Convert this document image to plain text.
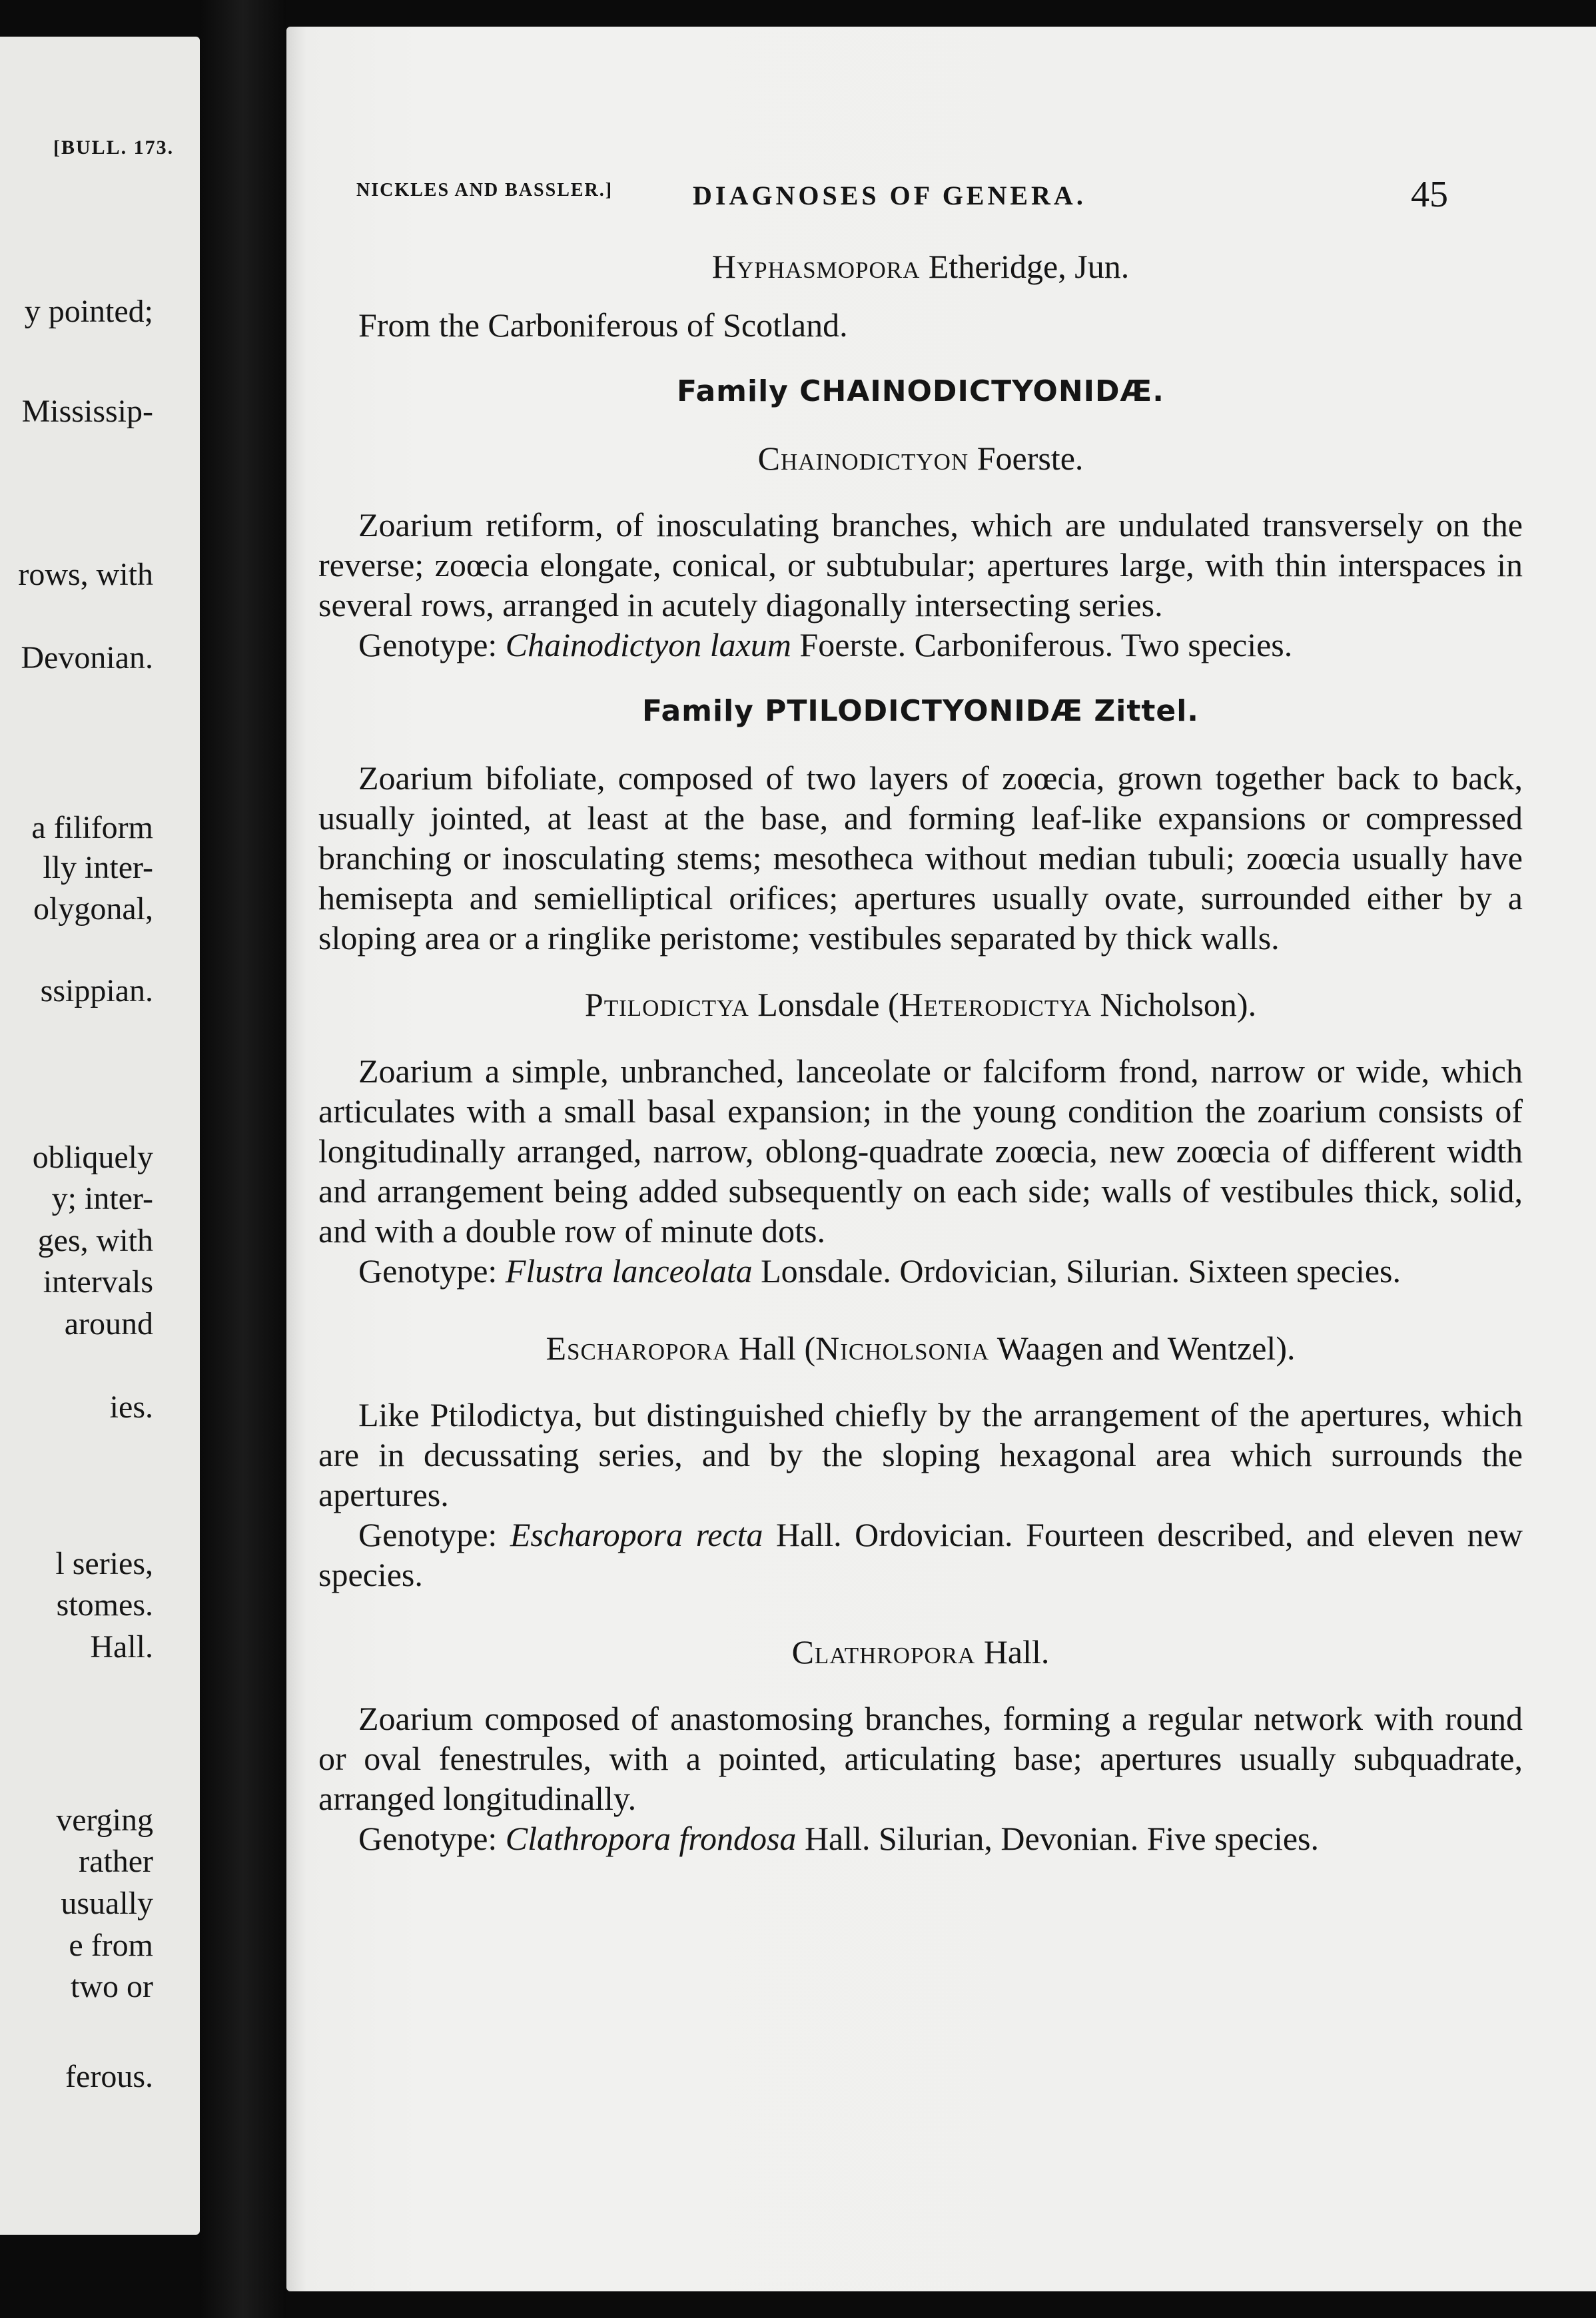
[BULL. 173.
y pointed;
Mississip-
rows, with
Devonian.
a filiform
lly inter-
olygonal,
ssippian.
obliquely
y; inter-
ges, with
intervals
around
ies.
l series,
stomes.
Hall.
verging
rather
usually
e from
two or
ferous.
NICKLES AND BASSLER.]	DIAGNOSES OF GENERA.	45

Hyphasmopora Etheridge, Jun.

From the Carboniferous of Scotland.

Family CHAINODICTYONIDÆ.

Chainodictyon Foerste.

Zoarium retiform, of inosculating branches, which are undulated transversely on the reverse; zoœcia elongate, conical, or subtubular; apertures large, with thin interspaces in several rows, arranged in acutely diagonally intersecting series.

Genotype: Chainodictyon laxum Foerste. Carboniferous. Two species.

Family PTILODICTYONIDÆ Zittel.

Zoarium bifoliate, composed of two layers of zoœcia, grown together back to back, usually jointed, at least at the base, and forming leaf-like expansions or compressed branching or inosculating stems; mesotheca without median tubuli; zoœcia usually have hemisepta and semielliptical orifices; apertures usually ovate, surrounded either by a sloping area or a ringlike peristome; vestibules separated by thick walls.

Ptilodictya Lonsdale (Heterodictya Nicholson).

Zoarium a simple, unbranched, lanceolate or falciform frond, narrow or wide, which articulates with a small basal expansion; in the young condition the zoarium consists of longitudinally arranged, narrow, oblong-quadrate zoœcia, new zoœcia of different width and arrangement being added subsequently on each side; walls of vestibules thick, solid, and with a double row of minute dots.

Genotype: Flustra lanceolata Lonsdale. Ordovician, Silurian. Sixteen species.

Escharopora Hall (Nicholsonia Waagen and Wentzel).

Like Ptilodictya, but distinguished chiefly by the arrangement of the apertures, which are in decussating series, and by the sloping hexagonal area which surrounds the apertures.

Genotype: Escharopora recta Hall. Ordovician. Fourteen described, and eleven new species.

Clathropora Hall.

Zoarium composed of anastomosing branches, forming a regular network with round or oval fenestrules, with a pointed, articulating base; apertures usually subquadrate, arranged longitudinally.

Genotype: Clathropora frondosa Hall. Silurian, Devonian. Five species.
